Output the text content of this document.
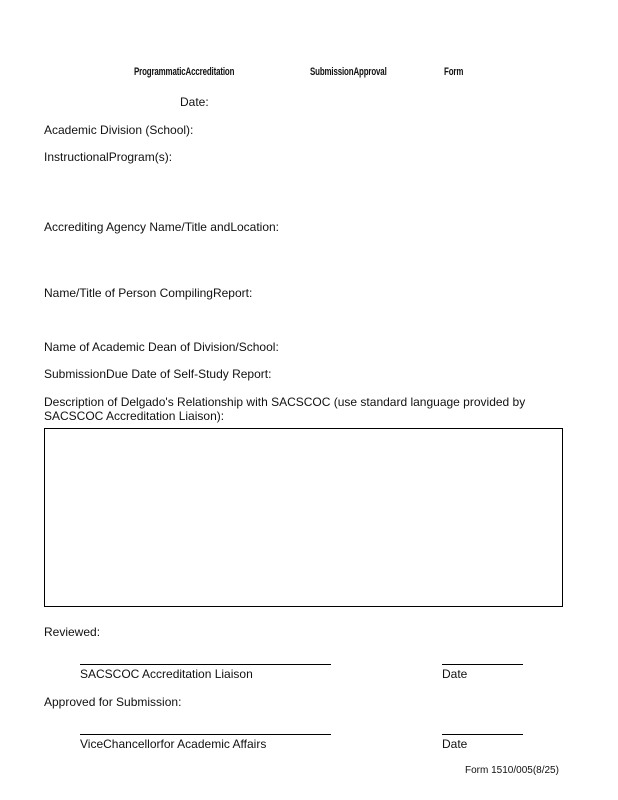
ProgrammaticAccreditation	SubmissionApproval	Form
Date:
Academic Division (School):
InstructionalProgram(s):
Accrediting Agency Name/Title andLocation:
Name/Title of Person CompilingReport:
Name of Academic Dean of Division/School:
SubmissionDue Date of Self-Study Report:
Description of Delgado's Relationship with SACSCOC (use standard language provided by
SACSCOC Accreditation Liaison):
Reviewed:
SACSCOC Accreditation Liaison	Date
Approved for Submission:
ViceChancellorfor Academic Affairs	Date
Form 1510/005(8/25)
